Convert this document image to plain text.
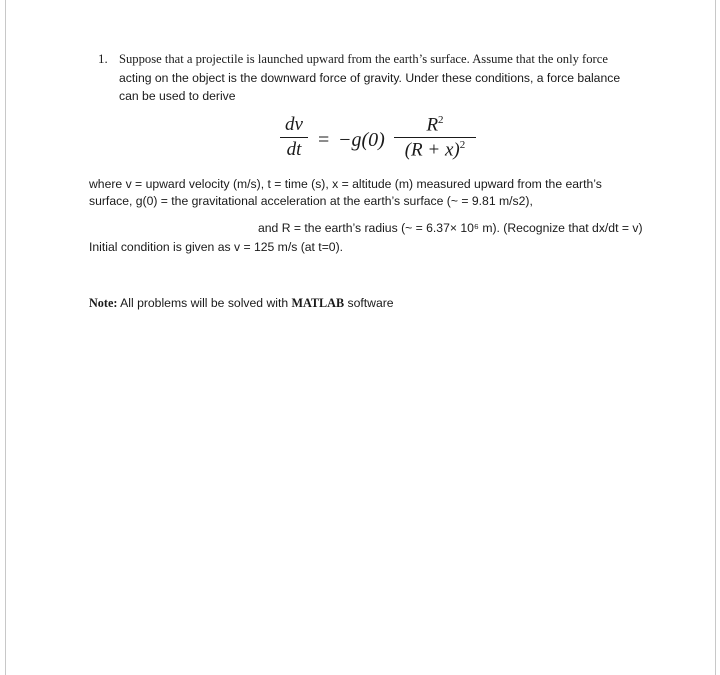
1. Suppose that a projectile is launched upward from the earth’s surface. Assume that the only force
acting on the object is the downward force of gravity. Under these conditions, a force balance
can be used to derive
dv
dt = −g(0)
$R^2$
$(R + x)^2$
where v = upward velocity (m/s), t = time (s), x = altitude (m) measured upward from the earth’s
surface, g(0) = the gravitational acceleration at the earth’s surface (~ = 9.81 m/s2),
and R = the earth’s radius (~ = 6.37× 10⁶ m). (Recognize that dx/dt = v)
Initial condition is given as v = 125 m/s (at t=0).
Note: All problems will be solved with MATLAB software
